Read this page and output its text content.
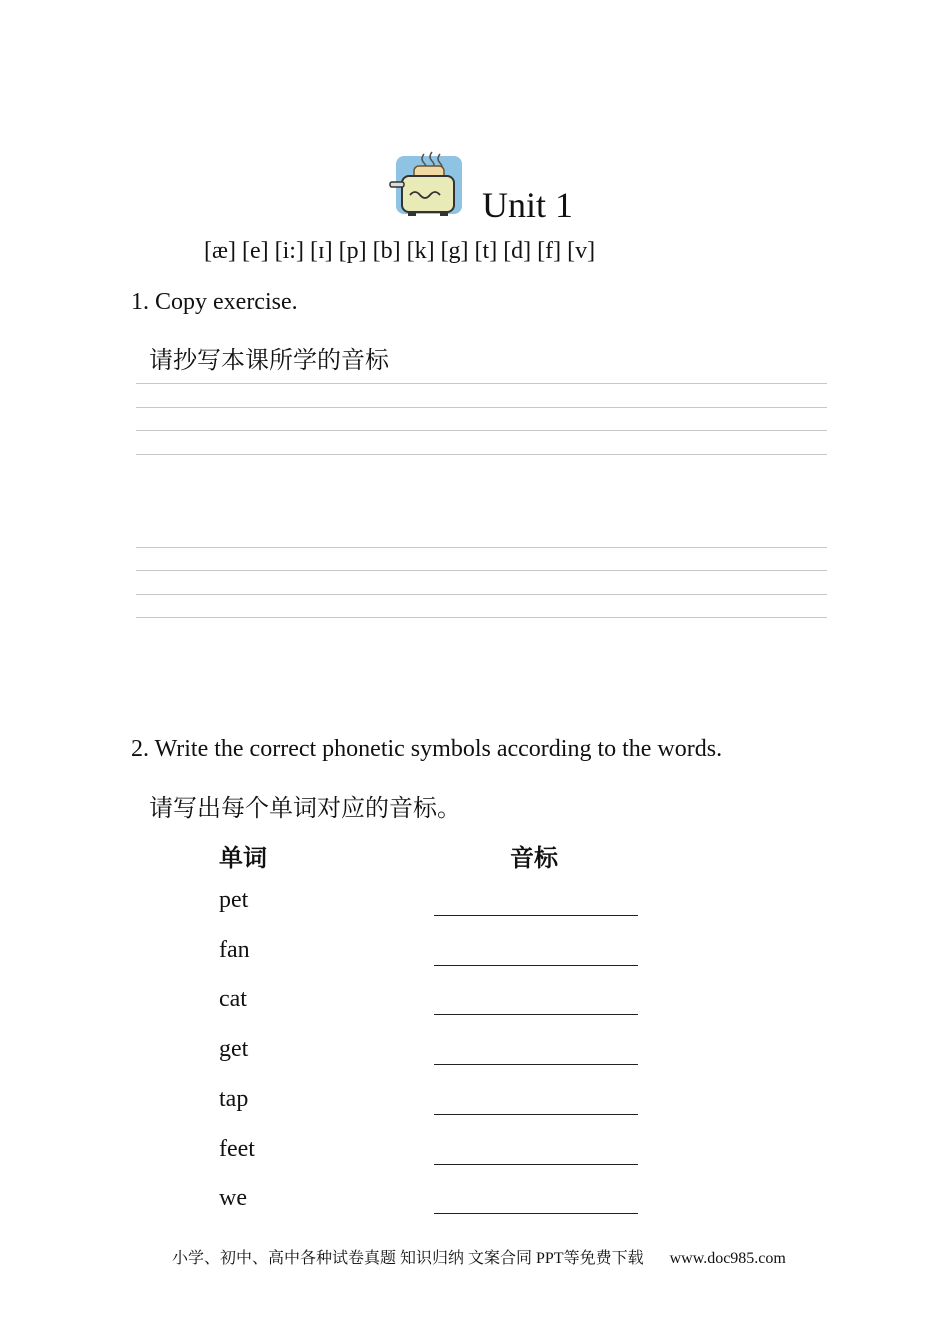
Unit 1
[æ] [e] [i:] [ɪ] [p] [b] [k] [g] [t] [d] [f] [v]
1. Copy exercise.
请抄写本课所学的音标
2. Write the correct phonetic symbols according to the words.
请写出每个单词对应的音标。
单词	音标
pet
fan
cat
get
tap
feet
we
小学、初中、高中各种试卷真题 知识归纳 文案合同 PPT等免费下载 www.doc985.com
